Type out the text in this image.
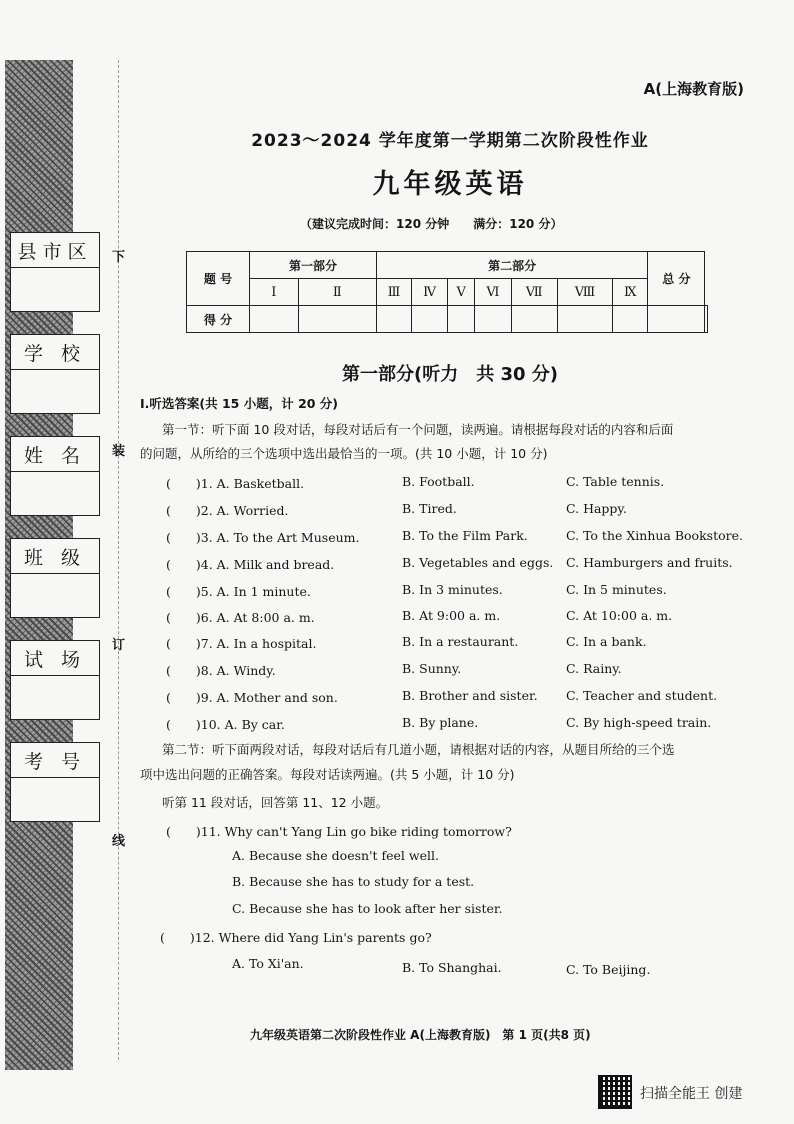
县市区
学 校
姓 名
班 级
试 场
考 号
下
装
订
线
A(上海教育版)
2023～2024 学年度第一学期第二次阶段性作业
九年级英语
（建议完成时间：120 分钟　　满分：120 分）
题 号	第一部分		第二部分							总 分	
	Ⅰ	Ⅱ	Ⅲ	Ⅳ	Ⅴ	Ⅵ	Ⅶ	Ⅷ	Ⅸ		
得 分											
第一部分(听力　共 30 分)
Ⅰ.听选答案(共 15 小题，计 20 分)
第一节：听下面 10 段对话，每段对话后有一个问题，读两遍。请根据每段对话的内容和后面
的问题，从所给的三个选项中选出最恰当的一项。(共 10 小题，计 10 分)
(　　)1. A. Basketball.	B. Football.	C. Table tennis.
(　　)2. A. Worried.	B. Tired.	C. Happy.
(　　)3. A. To the Art Museum.	B. To the Film Park.	C. To the Xinhua Bookstore.
(　　)4. A. Milk and bread.	B. Vegetables and eggs. C. Hamburgers and fruits.
(　　)5. A. In 1 minute.	B. In 3 minutes.	C. In 5 minutes.
(　　)6. A. At 8:00 a. m.	B. At 9:00 a. m.	C. At 10:00 a. m.
(　　)7. A. In a hospital.	B. In a restaurant.	C. In a bank.
(　　)8. A. Windy.	B. Sunny.	C. Rainy.
(　　)9. A. Mother and son.	B. Brother and sister. C. Teacher and student.
(　　)10. A. By car.	B. By plane.	C. By high-speed train.
第二节：听下面两段对话，每段对话后有几道小题，请根据对话的内容，从题目所给的三个选
项中选出问题的正确答案。每段对话读两遍。(共 5 小题，计 10 分)
听第 11 段对话，回答第 11、12 小题。
(　　)11. Why can't Yang Lin go bike riding tomorrow?
A. Because she doesn't feel well.
B. Because she has to study for a test.
C. Because she has to look after her sister.
(　　)12. Where did Yang Lin's parents go?
A. To Xi'an.	B. To Shanghai.	C. To Beijing.
九年级英语第二次阶段性作业 A(上海教育版)　第 1 页(共8 页)
扫描全能王 创建
